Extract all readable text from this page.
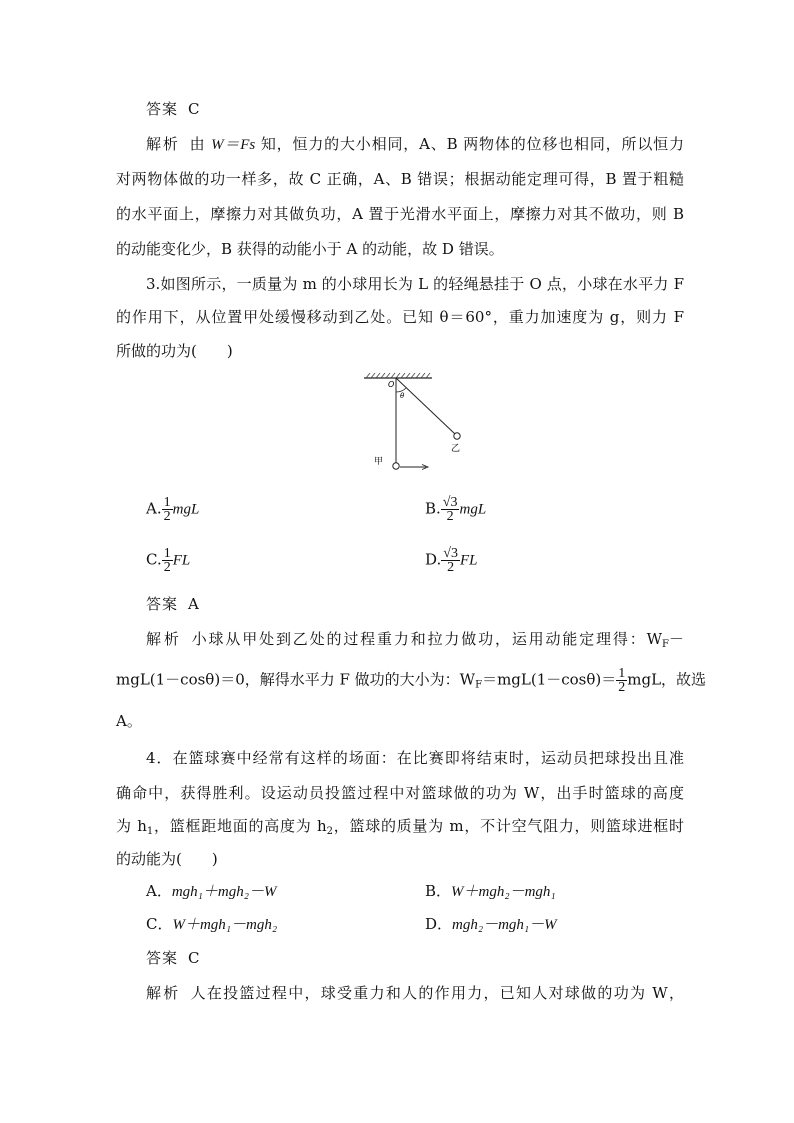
答案 C
解析 由 W＝Fs 知，恒力的大小相同，A、B 两物体的位移也相同，所以恒力
对两物体做的功一样多，故 C 正确，A、B 错误；根据动能定理可得，B 置于粗糙
的水平面上，摩擦力对其做负功，A 置于光滑水平面上，摩擦力对其不做功，则 B
的动能变化少，B 获得的动能小于 A 的动能，故 D 错误。
3.如图所示，一质量为 m 的小球用长为 L 的轻绳悬挂于 O 点，小球在水平力 F
的作用下，从位置甲处缓慢移动到乙处。已知 θ＝60°，重力加速度为 g，则力 F
所做的功为(　　)
O
θ
乙
甲
A. $\frac{1}{2}$ mgL	B. $\frac{√3}{2}$ mgL
C. $\frac{1}{2}$ FL	D. $\frac{√3}{2}$ FL
答案 A
解析 小球从甲处到乙处的过程重力和拉力做功，运用动能定理得：$W_F-$
mgL(1－cosθ)＝0，解得水平力 F 做功的大小为：$W_F=mgL(1-\cos\theta)= \frac{1}{2}$ mgL，故选
A。
4．在篮球赛中经常有这样的场面：在比赛即将结束时，运动员把球投出且准
确命中，获得胜利。设运动员投篮过程中对篮球做的功为 W，出手时篮球的高度
为 $h_1$，篮框距地面的高度为 $h_2$，篮球的质量为 m，不计空气阻力，则篮球进框时
的动能为(　　)
A．mgh₁＋mgh₂－W	B．W＋mgh₂－mgh₁
C．W＋mgh₁－mgh₂	D．mgh₂－mgh₁－W
答案 C
解析 人在投篮过程中，球受重力和人的作用力，已知人对球做的功为 W，
